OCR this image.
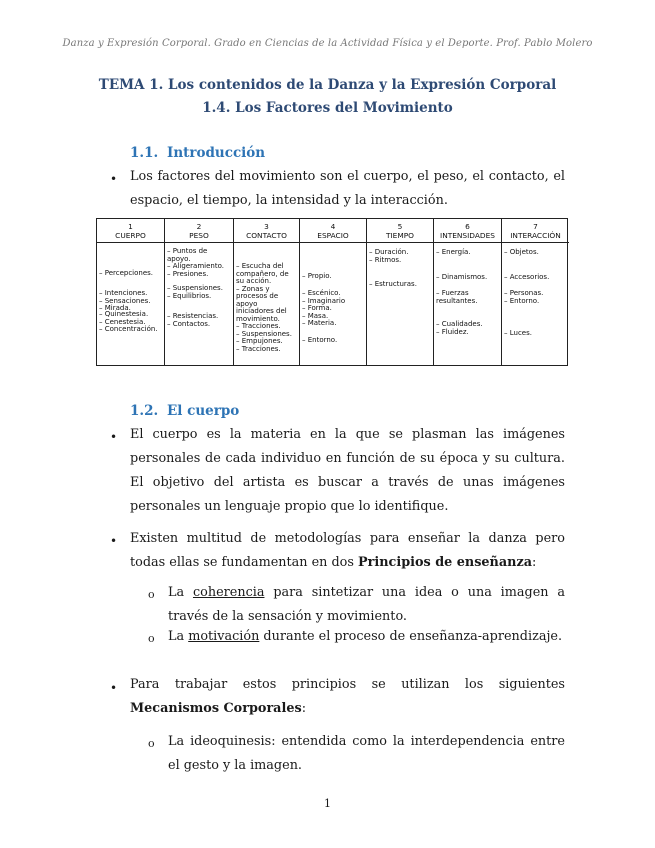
Danza y Expresión Corporal. Grado en Ciencias de la Actividad Física y el Deporte. Prof. Pablo Molero
TEMA 1. Los contenidos de la Danza y la Expresión Corporal
1.4. Los Factores del Movimiento
1.1. Introducción
• Los factores del movimiento son el cuerpo, el peso, el contacto, el espacio, el tiempo, la intensidad y la interacción.
1
CUERPO
– Percepciones.
– Intenciones.
– Sensaciones.
– Mirada.
– Quinestesia.
– Cenestesia.
– Concentración.
2
PESO
– Puntos de
apoyo.
– Aligeramiento.
– Presiones.
– Suspensiones.
– Equilibrios.
– Resistencias.
– Contactos.
3
CONTACTO
– Escucha del
compañero, de
su acción.
– Zonas y
procesos de
apoyo
iniciadores del
movimiento.
– Tracciones.
– Suspensiones.
– Empujones.
– Tracciones.
4
ESPACIO
– Propio.
– Escénico.
– Imaginario
– Forma.
– Masa.
– Materia.
– Entorno.
5
TIEMPO
– Duración.
– Ritmos.
– Estructuras.
6
INTENSIDADES
– Energía.
– Dinamismos.
– Fuerzas
resultantes.
– Cualidades.
– Fluidez.
7
INTERACCIÓN
– Objetos.
– Accesorios.
– Personas.
– Entorno.
– Luces.
1.2. El cuerpo
• El cuerpo es la materia en la que se plasman las imágenes personales de cada individuo en función de su época y su cultura. El objetivo del artista es buscar a través de unas imágenes personales un lenguaje propio que lo identifique.
• Existen multitud de metodologías para enseñar la danza pero todas ellas se fundamentan en dos Principios de enseñanza:
o La coherencia para sintetizar una idea o una imagen a través de la sensación y movimiento.
o La motivación durante el proceso de enseñanza-aprendizaje.
• Para trabajar estos principios se utilizan los siguientes Mecanismos Corporales:
o La ideoquinesis: entendida como la interdependencia entre el gesto y la imagen.
1
